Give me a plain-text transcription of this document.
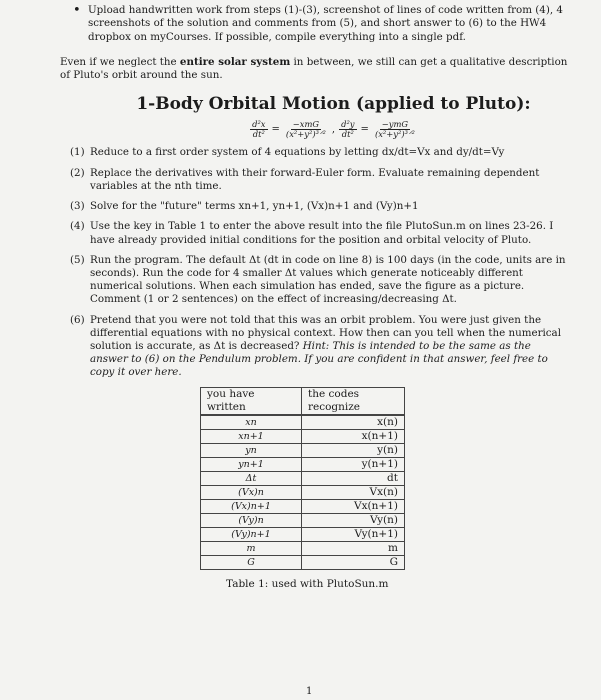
• Upload handwritten work from steps (1)-(3), screenshot of lines of code written from (4), 4 screenshots of the solution and comments from (5), and short answer to (6) to the HW4 dropbox on myCourses. If possible, compile everything into a single pdf.
Even if we neglect the entire solar system in between, we still can get a qualitative description of Pluto's orbit around the sun.
1-Body Orbital Motion (applied to Pluto):
$\frac{\text{d²x}}{\text{dt²}} = \frac{\text{−xmG}}{\text{(x²+y²)³ᐟ²}}$ , $\frac{\text{d²y}}{\text{dt²}} = \frac{\text{−ymG}}{\text{(x²+y²)³ᐟ²}}$
(1) Reduce to a first order system of 4 equations by letting dx/dt=Vx and dy/dt=Vy
(2) Replace the derivatives with their forward-Euler form. Evaluate remaining dependent variables at the nth time.
(3) Solve for the "future" terms xn+1, yn+1, (Vx)n+1 and (Vy)n+1
(4) Use the key in Table 1 to enter the above result into the file PlutoSun.m on lines 23-26. I have already provided initial conditions for the position and orbital velocity of Pluto.
(5) Run the program. The default Δt (dt in code on line 8) is 100 days (in the code, units are in seconds). Run the code for 4 smaller Δt values which generate noticeably different numerical solutions. When each simulation has ended, save the figure as a picture. Comment (1 or 2 sentences) on the effect of increasing/decreasing Δt.
(6) Pretend that you were not told that this was an orbit problem. You were just given the differential equations with no physical context. How then can you tell when the numerical solution is accurate, as Δt is decreased? Hint: This is intended to be the same as the answer to (6) on the Pendulum problem. If you are confident in that answer, feel free to copy it over here.
you have written	the codes recognize
xn	x(n)
xn+1	x(n+1)
yn	y(n)
yn+1	y(n+1)
Δt	dt
(Vx)n	Vx(n)
(Vx)n+1	Vx(n+1)
(Vy)n	Vy(n)
(Vy)n+1	Vy(n+1)
m	m
G	G
Table 1: used with PlutoSun.m
1
